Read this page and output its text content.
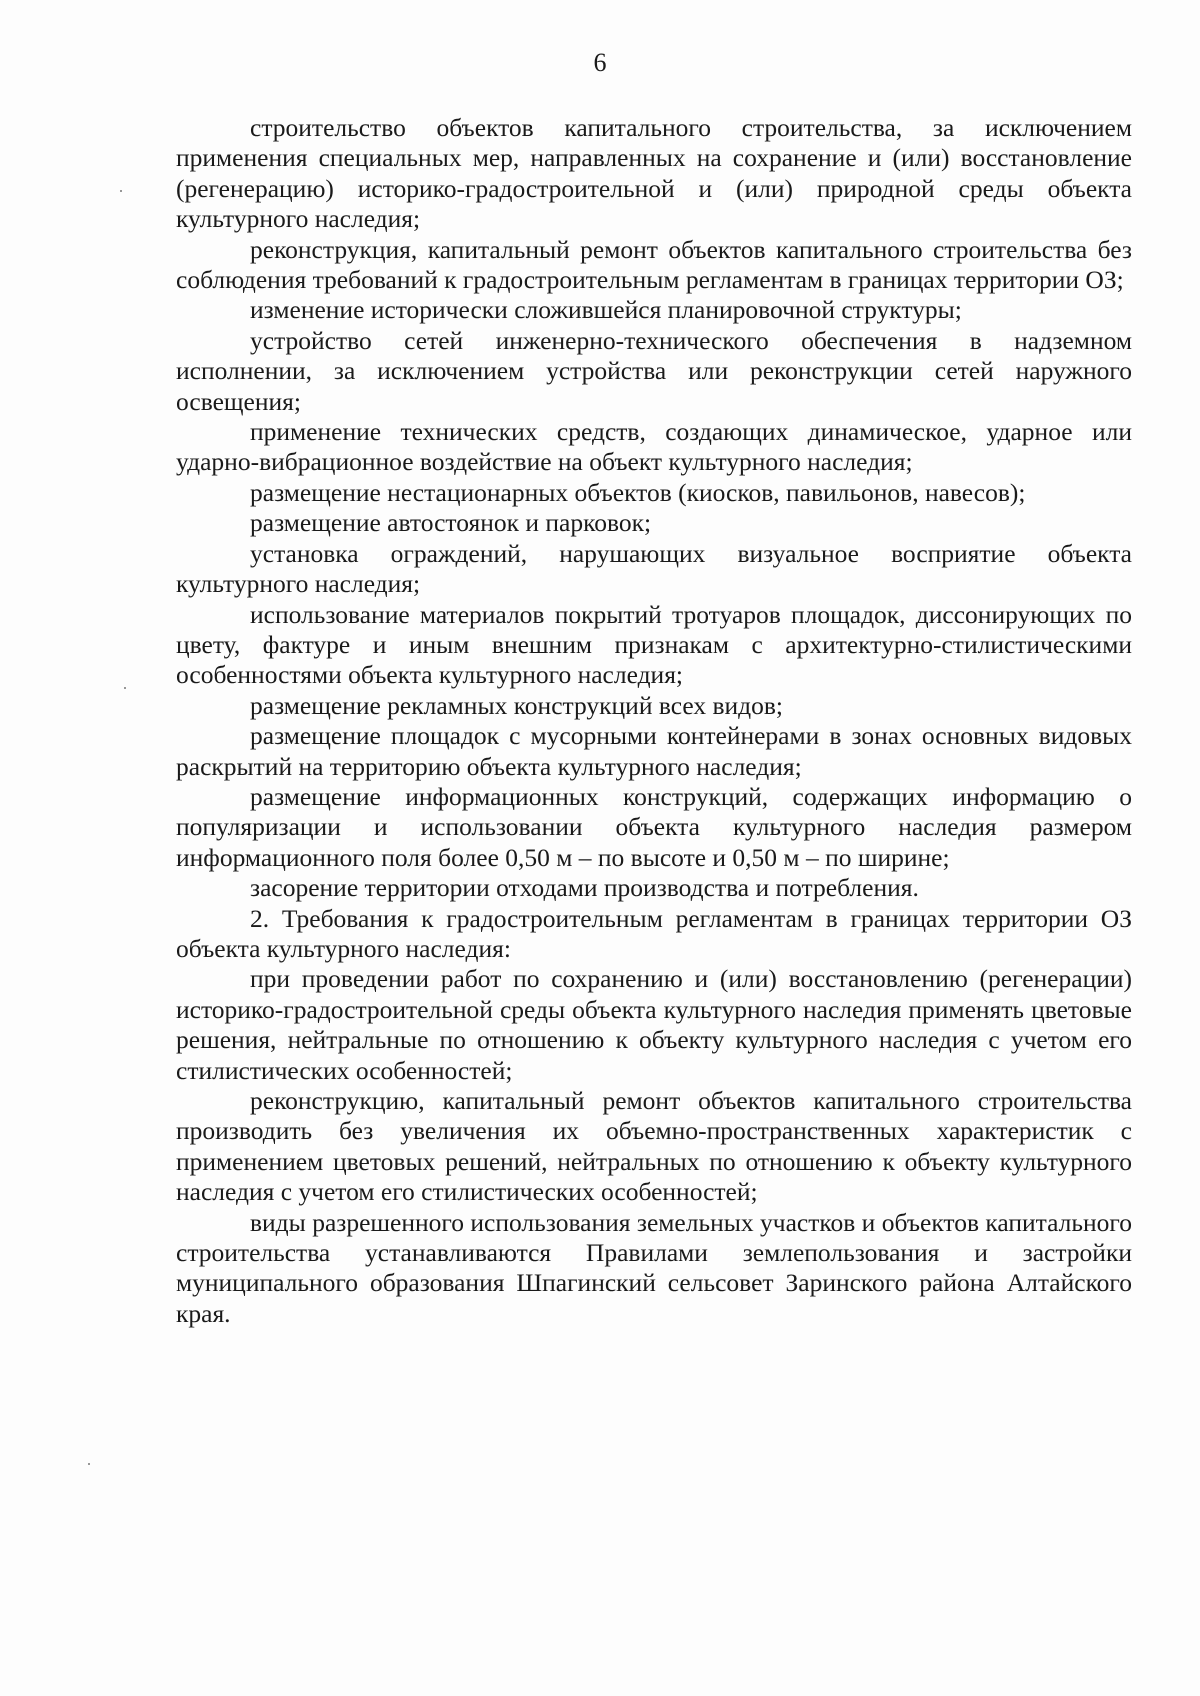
6

строительство объектов капитального строительства, за исключением применения специальных мер, направленных на сохранение и (или) восстановление (регенерацию) историко-градостроительной и (или) природной среды объекта культурного наследия;

реконструкция, капитальный ремонт объектов капитального строительства без соблюдения требований к градостроительным регламентам в границах территории ОЗ;

изменение исторически сложившейся планировочной структуры;

устройство сетей инженерно-технического обеспечения в надземном исполнении, за исключением устройства или реконструкции сетей наружного освещения;

применение технических средств, создающих динамическое, ударное или ударно-вибрационное воздействие на объект культурного наследия;

размещение нестационарных объектов (киосков, павильонов, навесов);

размещение автостоянок и парковок;

установка ограждений, нарушающих визуальное восприятие объекта культурного наследия;

использование материалов покрытий тротуаров площадок, диссонирующих по цвету, фактуре и иным внешним признакам с архитектурно-стилистическими особенностями объекта культурного наследия;

размещение рекламных конструкций всех видов;

размещение площадок с мусорными контейнерами в зонах основных видовых раскрытий на территорию объекта культурного наследия;

размещение информационных конструкций, содержащих информацию о популяризации и использовании объекта культурного наследия размером информационного поля более 0,50 м – по высоте и 0,50 м – по ширине;

засорение территории отходами производства и потребления.

2. Требования к градостроительным регламентам в границах территории ОЗ объекта культурного наследия:

при проведении работ по сохранению и (или) восстановлению (регенерации) историко-градостроительной среды объекта культурного наследия применять цветовые решения, нейтральные по отношению к объекту культурного наследия с учетом его стилистических особенностей;

реконструкцию, капитальный ремонт объектов капитального строительства производить без увеличения их объемно-пространственных характеристик с применением цветовых решений, нейтральных по отношению к объекту культурного наследия с учетом его стилистических особенностей;

виды разрешенного использования земельных участков и объектов капитального строительства устанавливаются Правилами землепользования и застройки муниципального образования Шпагинский сельсовет Заринского района Алтайского края.
